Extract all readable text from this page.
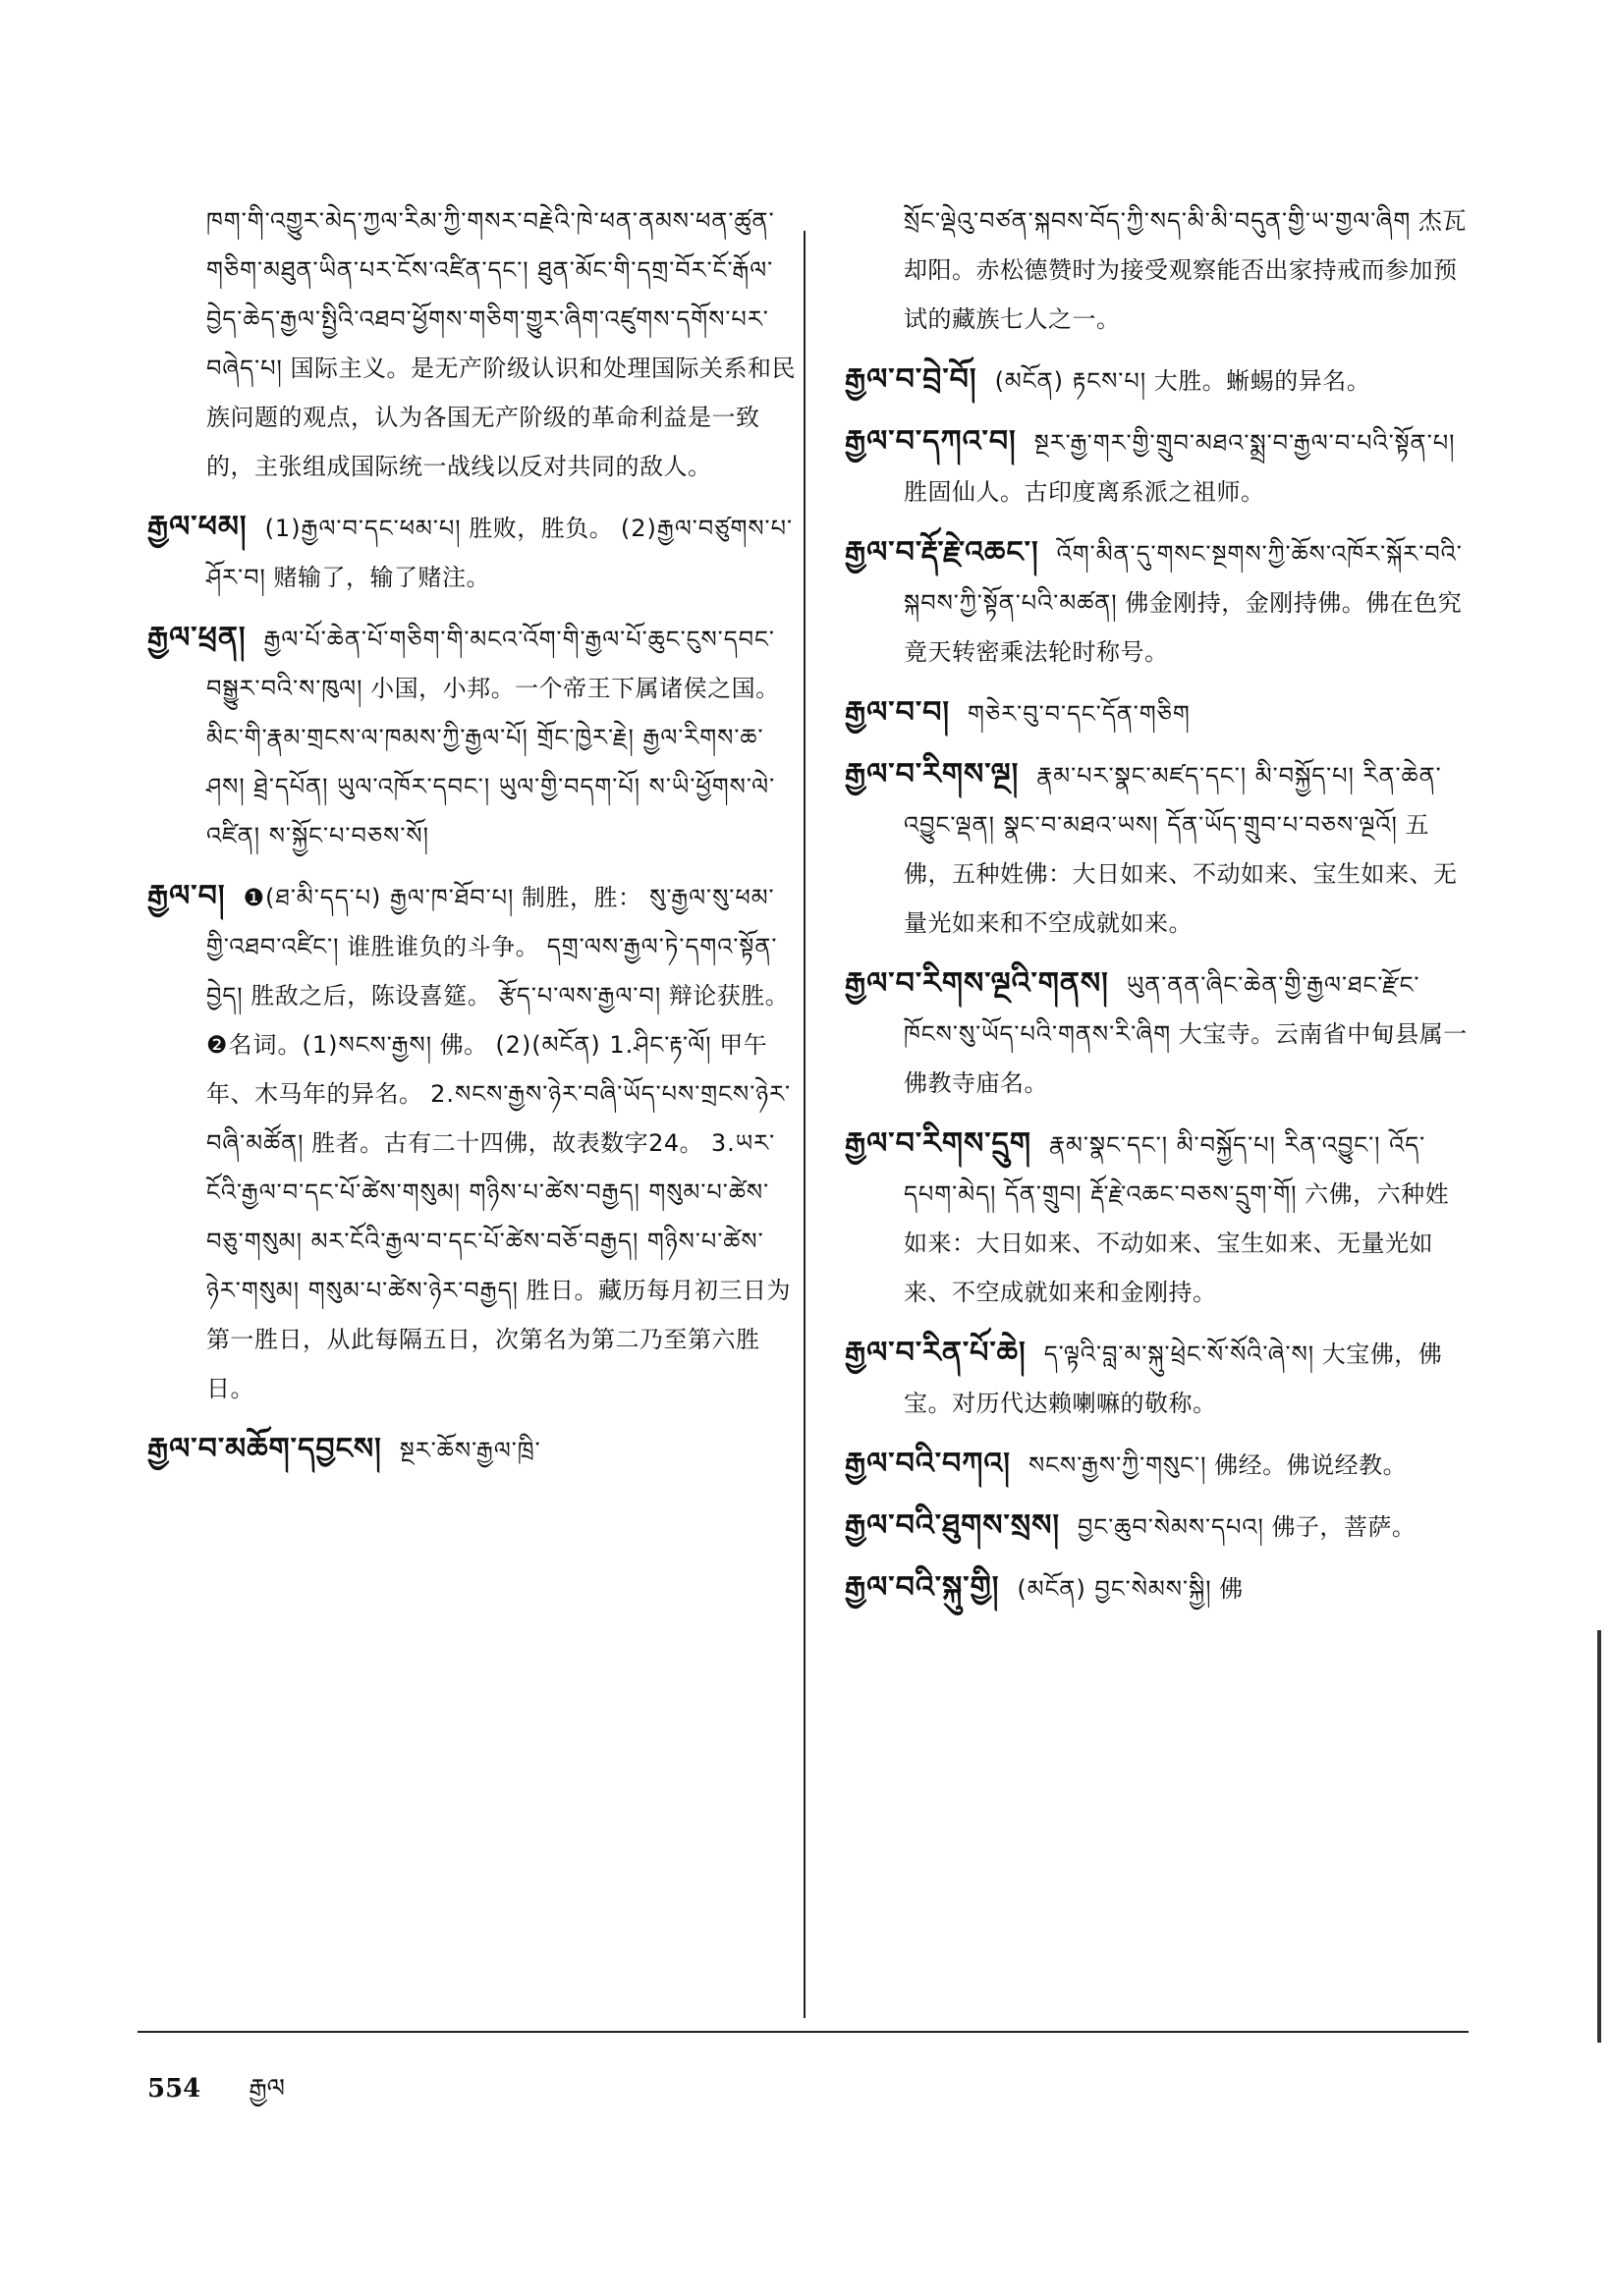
ཁག་གི་འགྱུར་མེད་ཀྱལ་རིམ་ཀྱི་གསར་བརྗེའི་ཁེ་ཕན་ནམས་ཕན་ཚུན་གཅིག་མཐུན་ཡིན་པར་ངོས་འཛིན་དང་། ཐུན་མོང་གི་དགྲ་བོར་ངོ་རྒོལ་བྱེད་ཆེད་རྒྱལ་སྤྱིའི་འཐབ་ཕྱོགས་གཅིག་གྱུར་ཞིག་འཛུགས་དགོས་པར་བཞེད་པ། 国际主义。是无产阶级认识和处理国际关系和民族问题的观点，认为各国无产阶级的革命利益是一致的，主张组成国际统一战线以反对共同的敌人。
རྒྱལ་ཕམ། (1)རྒྱལ་བ་དང་ཕམ་པ། 胜败，胜负。 (2)རྒྱལ་བཙུགས་པ་ཤོར་བ། 赌输了，输了赌注。
རྒྱལ་ཕྲན། རྒྱལ་པོ་ཆེན་པོ་གཅིག་གི་མངའ་འོག་གི་རྒྱལ་པོ་ཆུང་ངུས་དབང་བསྒྱུར་བའི་ས་ཁུལ། 小国，小邦。一个帝王下属诸侯之国。 མིང་གི་རྣམ་གྲངས་ལ་ཁམས་ཀྱི་རྒྱལ་པོ། གྲོང་ཁྱེར་རྗེ། རྒྱལ་རིགས་ཆ་ཤས། ཐྲེ་དཔོན། ཡུལ་འཁོར་དབང་། ཡུལ་གྱི་བདག་པོ། ས་ཡི་ཕྱོགས་ལེ་འཛིན། ས་སྐྱོང་པ་བཅས་སོ།
རྒྱལ་བ། ❶(ཐ་མི་དད་པ) རྒྱལ་ཁ་ཐོབ་པ། 制胜，胜： སུ་རྒྱལ་སུ་ཕམ་གྱི་འཐབ་འཛིང་། 谁胜谁负的斗争。 དགྲ་ལས་རྒྱལ་ཏེ་དགའ་སྟོན་བྱེད། 胜敌之后，陈设喜筵。 རྩོད་པ་ལས་རྒྱལ་བ། 辩论获胜。 ❷名词。(1)སངས་རྒྱས། 佛。 (2)(མངོན) 1.ཤིང་རྟ་ལོ། 甲午年、木马年的异名。 2.སངས་རྒྱས་ཉེར་བཞི་ཡོད་པས་གྲངས་ཉེར་བཞི་མཚོན། 胜者。古有二十四佛，故表数字24。 3.ཡར་ངོའི་རྒྱལ་བ་དང་པོ་ཚེས་གསུམ། གཉིས་པ་ཚེས་བརྒྱད། གསུམ་པ་ཚེས་བཅུ་གསུམ། མར་ངོའི་རྒྱལ་བ་དང་པོ་ཚེས་བཅོ་བརྒྱད། གཉིས་པ་ཚེས་ཉེར་གསུམ། གསུམ་པ་ཚེས་ཉེར་བརྒྱད། 胜日。藏历每月初三日为第一胜日，从此每隔五日，次第名为第二乃至第六胜日。
རྒྱལ་བ་མཆོག་དབྱངས། སྔར་ཆོས་རྒྱལ་ཁྲི་
སྲོང་ལྡེའུ་བཙན་སྐབས་བོད་ཀྱི་སད་མི་མི་བདུན་གྱི་ཡ་གྱལ་ཞིག 杰瓦却阳。赤松德赞时为接受观察能否出家持戒而参加预试的藏族七人之一。
རྒྱལ་བ་བྲེ་བོ། (མངོན) རྟངས་པ། 大胜。蜥蜴的异名。
རྒྱལ་བ་དཀའ་བ། སྔར་རྒྱ་གར་གྱི་གྲུབ་མཐའ་སྨྲ་བ་རྒྱལ་བ་པའི་སྟོན་པ། 胜固仙人。古印度离系派之祖师。
རྒྱལ་བ་རྡོ་རྗེ་འཆང་། འོག་མིན་དུ་གསང་སྔགས་ཀྱི་ཆོས་འཁོར་སྐོར་བའི་སྐབས་ཀྱི་སྟོན་པའི་མཚན། 佛金刚持，金刚持佛。佛在色究竟天转密乘法轮时称号。
རྒྱལ་བ་བ། གཅེར་བུ་བ་དང་དོན་གཅིག
རྒྱལ་བ་རིགས་ལྔ། རྣམ་པར་སྣང་མཛད་དང་། མི་བསྐྱོད་པ། རིན་ཆེན་འབྱུང་ལྡན། སྣང་བ་མཐའ་ཡས། དོན་ཡོད་གྲུབ་པ་བཅས་ལྔའོ། 五佛，五种姓佛：大日如来、不动如来、宝生如来、无量光如来和不空成就如来。
རྒྱལ་བ་རིགས་ལྔའི་གནས། ཡུན་ནན་ཞིང་ཆེན་གྱི་རྒྱལ་ཐང་རྫོང་ཁོངས་སུ་ཡོད་པའི་གནས་རི་ཞིག 大宝寺。云南省中甸县属一佛教寺庙名。
རྒྱལ་བ་རིགས་དྲུག རྣམ་སྣང་དང་། མི་བསྐྱོད་པ། རིན་འབྱུང་། འོད་དཔག་མེད། དོན་གྲུབ། རྡོ་རྗེ་འཆང་བཅས་དྲུག་གོ། 六佛，六种姓如来：大日如来、不动如来、宝生如来、无量光如来、不空成就如来和金刚持。
རྒྱལ་བ་རིན་པོ་ཆེ། ད་ལྟའི་བླ་མ་སྐུ་ཕྲེང་སོ་སོའི་ཞེ་ས། 大宝佛，佛宝。对历代达赖喇嘛的敬称。
རྒྱལ་བའི་བཀའ། སངས་རྒྱས་ཀྱི་གསུང་། 佛经。佛说经教。
རྒྱལ་བའི་ཐུགས་སྲས། བྱང་ཆུབ་སེམས་དཔའ། 佛子，菩萨。
རྒྱལ་བའི་སྐུ་གྱི། (མངོན) བྱང་སེམས་སྐྱི། 佛
554 རྒྱལ
